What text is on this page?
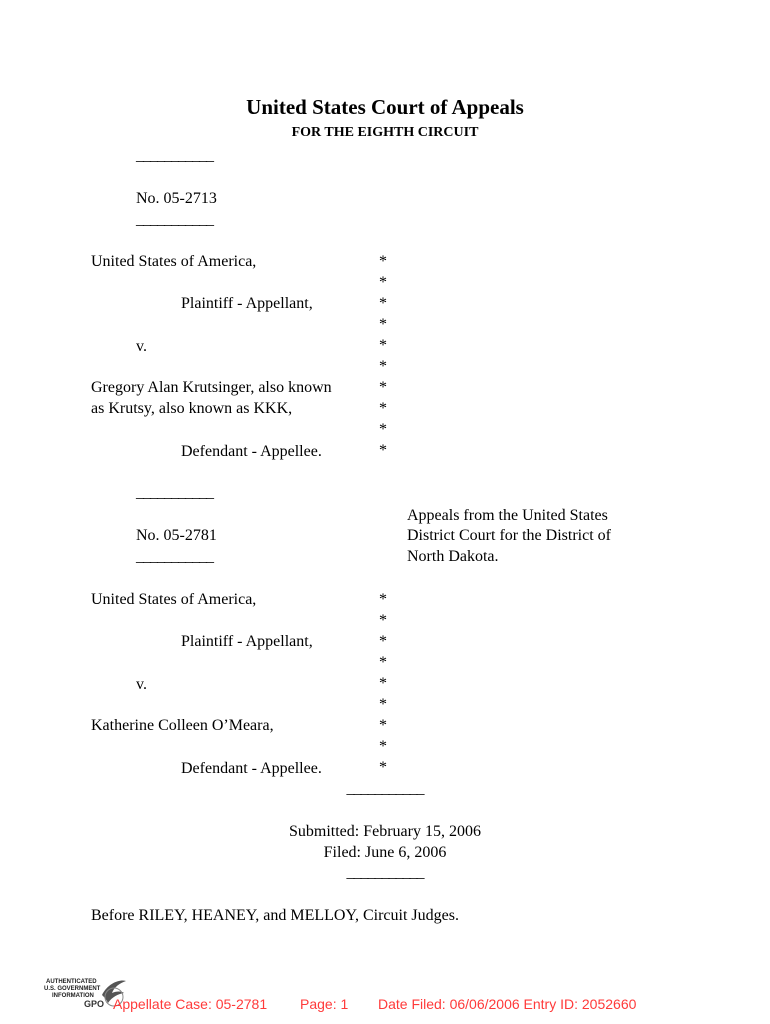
United States Court of Appeals
FOR THE EIGHTH CIRCUIT
___________
No. 05-2713
___________
United States of America,
Plaintiff - Appellant,
v.
Gregory Alan Krutsinger, also known
as Krutsy, also known as KKK,
Defendant - Appellee.
*
*
*
*
*
*
*
*
*
*
___________
No. 05-2781
___________
Appeals from the United States
District Court for the District of
North Dakota.
United States of America,
Plaintiff - Appellant,
v.
Katherine Colleen O’Meara,
Defendant - Appellee.
*
*
*
*
*
*
*
*
*
___________
Submitted: February 15, 2006
Filed: June 6, 2006
___________
Before RILEY, HEANEY, and MELLOY, Circuit Judges.
AUTHENTICATED
U.S. GOVERNMENT
INFORMATION
GPO Appellate Case: 05-2781 Page: 1 Date Filed: 06/06/2006 Entry ID: 2052660
